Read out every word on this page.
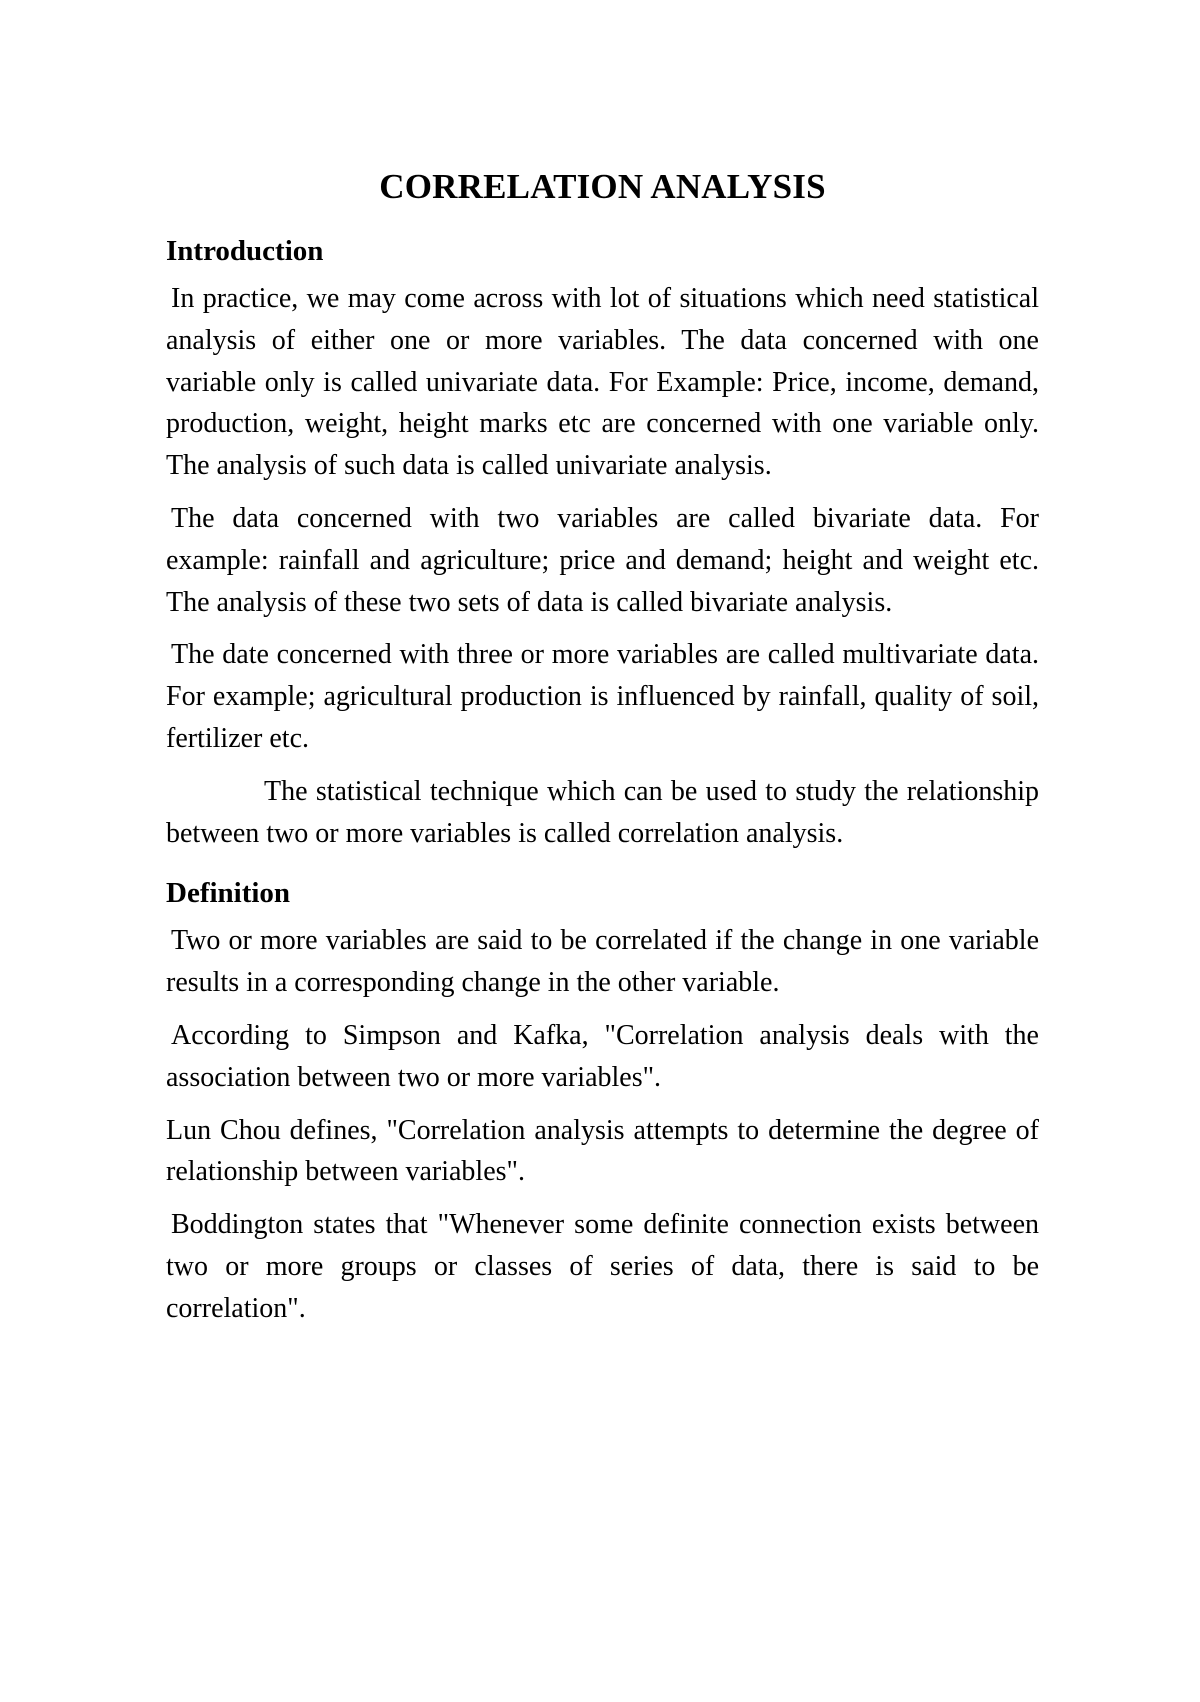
CORRELATION ANALYSIS
Introduction

In practice, we may come across with lot of situations which need statistical analysis of either one or more variables. The data concerned with one variable only is called univariate data. For Example: Price, income, demand, production, weight, height marks etc are concerned with one variable only. The analysis of such data is called univariate analysis.

The data concerned with two variables are called bivariate data. For example: rainfall and agriculture; price and demand; height and weight etc. The analysis of these two sets of data is called bivariate analysis.

The date concerned with three or more variables are called multivariate data. For example; agricultural production is influenced by rainfall, quality of soil, fertilizer etc.

The statistical technique which can be used to study the relationship between two or more variables is called correlation analysis.

Definition

Two or more variables are said to be correlated if the change in one variable results in a corresponding change in the other variable.

According to Simpson and Kafka, "Correlation analysis deals with the association between two or more variables".

Lun Chou defines, "Correlation analysis attempts to determine the degree of relationship between variables".

Boddington states that "Whenever some definite connection exists between two or more groups or classes of series of data, there is said to be correlation".
